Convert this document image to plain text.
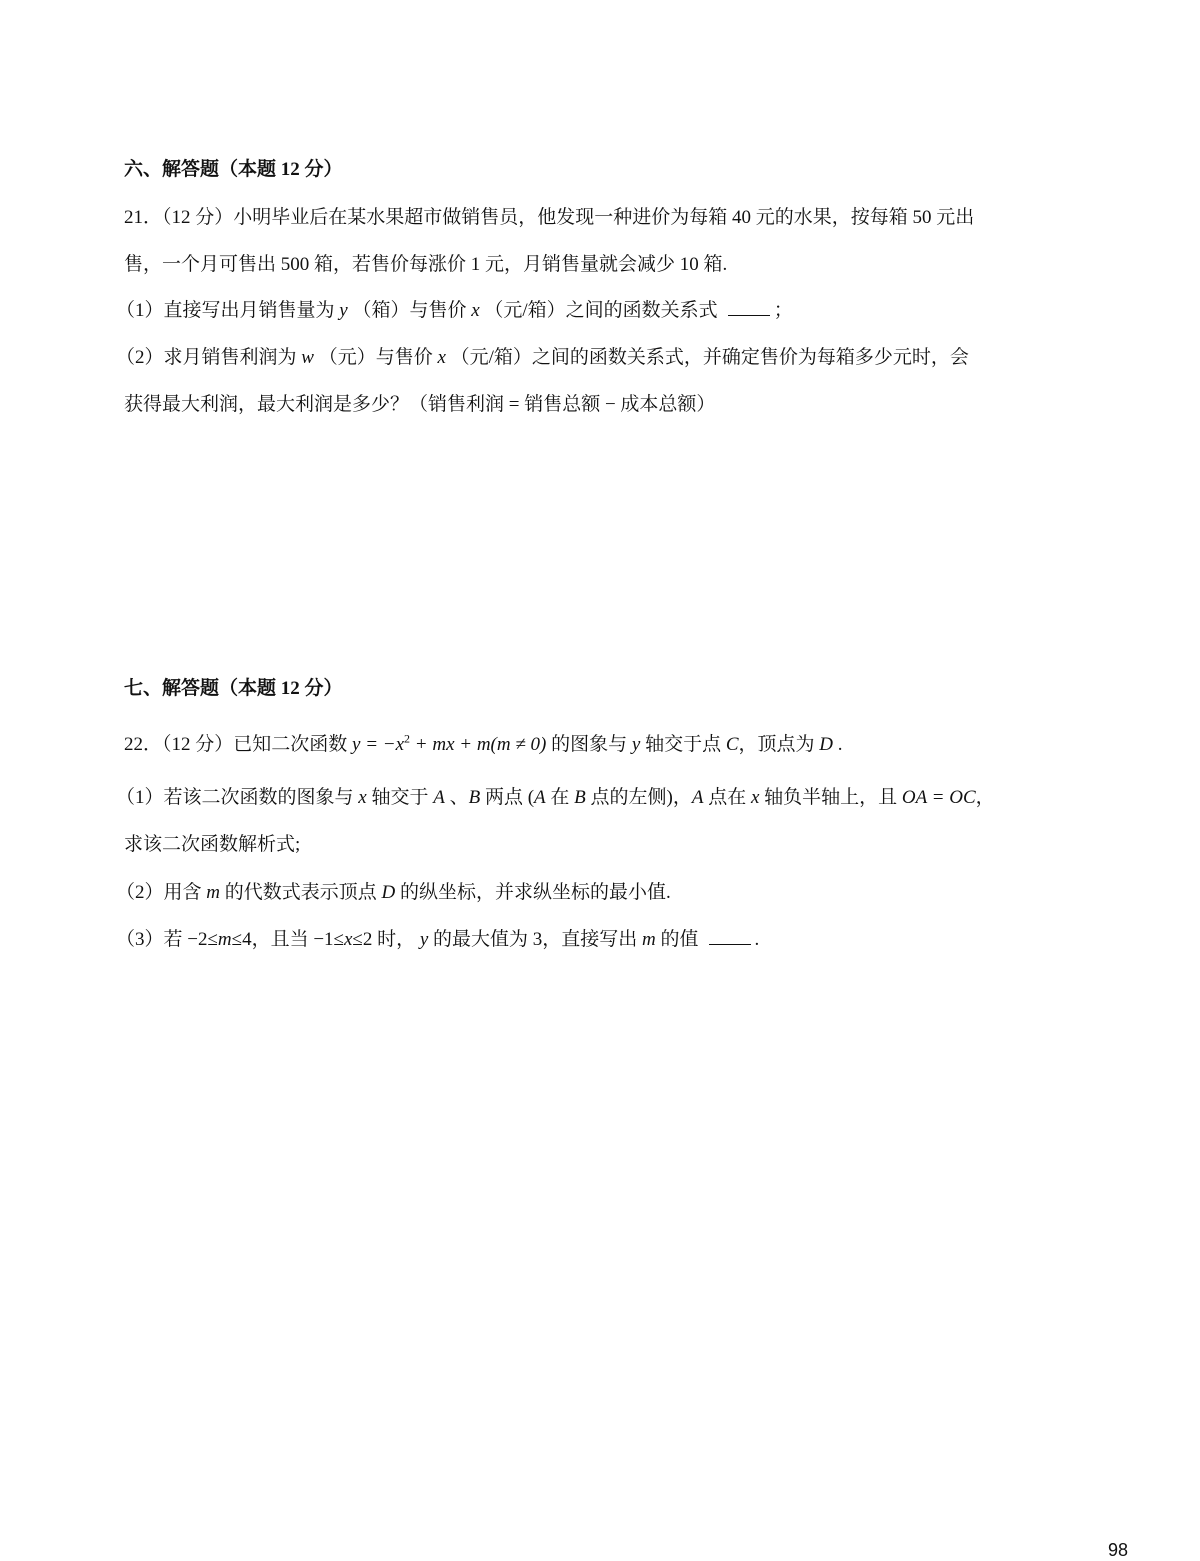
六、解答题（本题 12 分）
21．（12 分）小明毕业后在某水果超市做销售员，他发现一种进价为每箱 40 元的水果，按每箱 50 元出
售，一个月可售出 500 箱，若售价每涨价 1 元，月销售量就会减少 10 箱.
（1）直接写出月销售量为 y （箱）与售价 x （元/箱）之间的函数关系式	；
（2）求月销售利润为 w （元）与售价 x （元/箱）之间的函数关系式，并确定售价为每箱多少元时，会
获得最大利润，最大利润是多少？（销售利润 = 销售总额 − 成本总额）
七、解答题（本题 12 分）
22．（12 分）已知二次函数 $y = -x^2$ + mx + m(m ≠ 0) 的图象与 y 轴交于点 C，顶点为 D .
（1）若该二次函数的图象与 x 轴交于 A 、B 两点 (A 在 B 点的左侧)，A 点在 x 轴负半轴上，且 OA = OC，
求该二次函数解析式;
（2）用含 m 的代数式表示顶点 D 的纵坐标，并求纵坐标的最小值.
（3）若 −2≤m≤4，且当 −1≤x≤2 时， y 的最大值为 3，直接写出 m 的值	.
98
